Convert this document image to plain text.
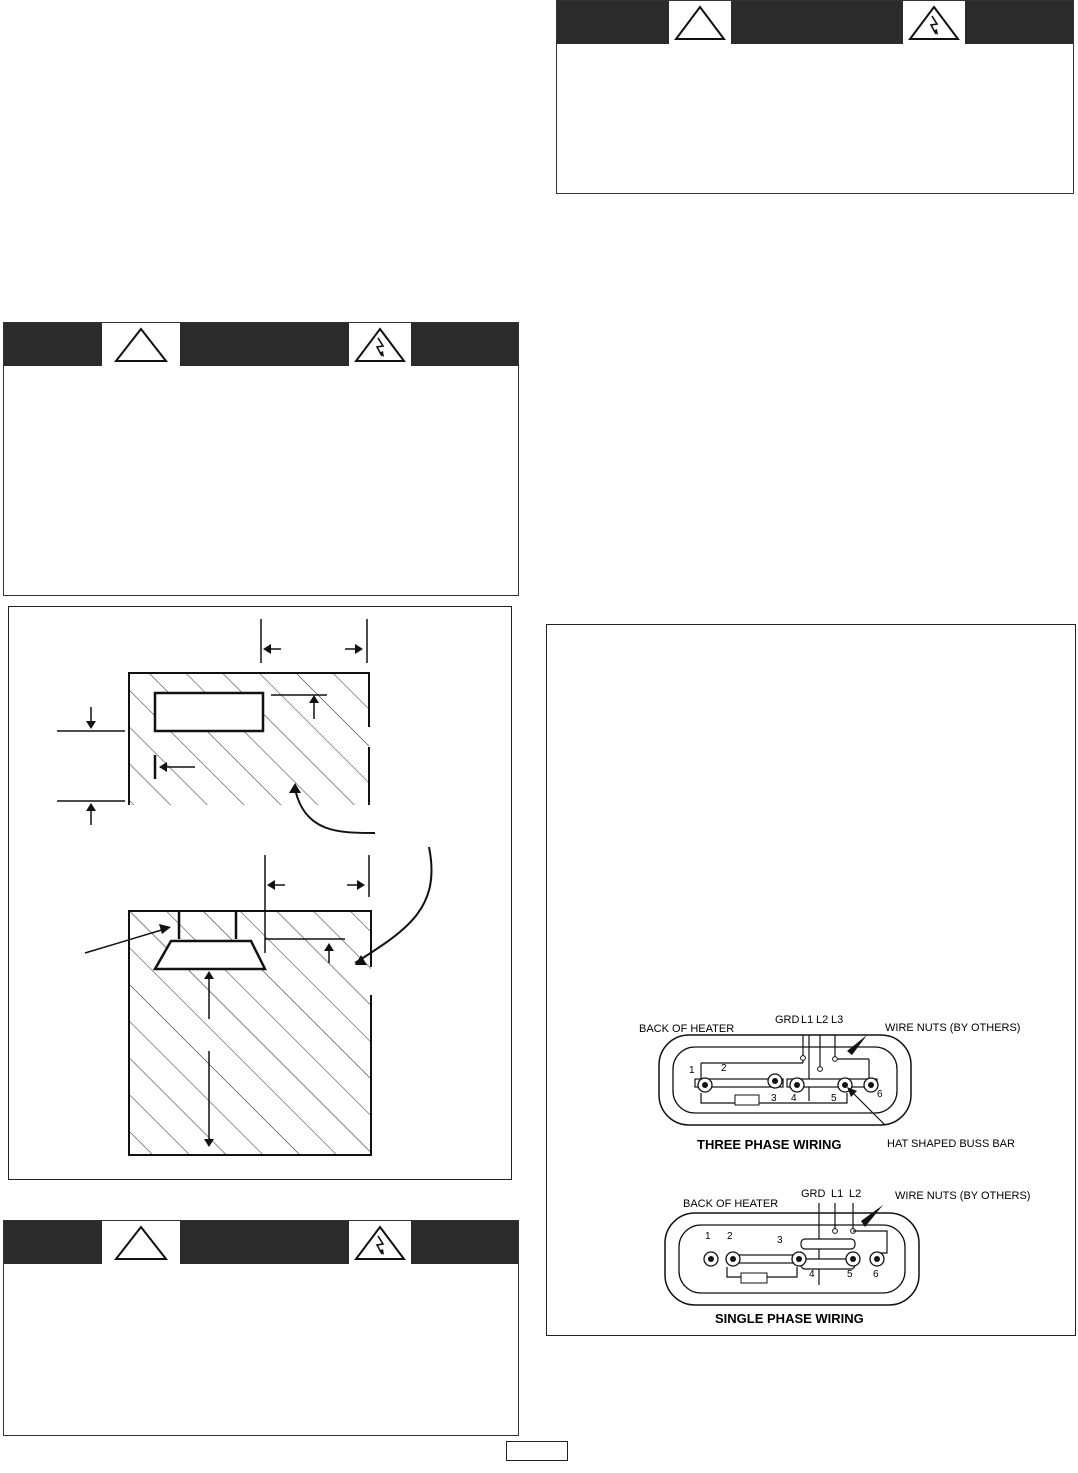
BACK OF HEATER
GRD L1 L2 L3
WIRE NUTS (BY OTHERS)
1	2
3 4	5	6
HAT SHAPED BUSS BAR
THREE PHASE WIRING
BACK OF HEATER
GRD L1 L2	WIRE NUTS (BY OTHERS)
1 2	3
4	5 6
SINGLE PHASE WIRING
